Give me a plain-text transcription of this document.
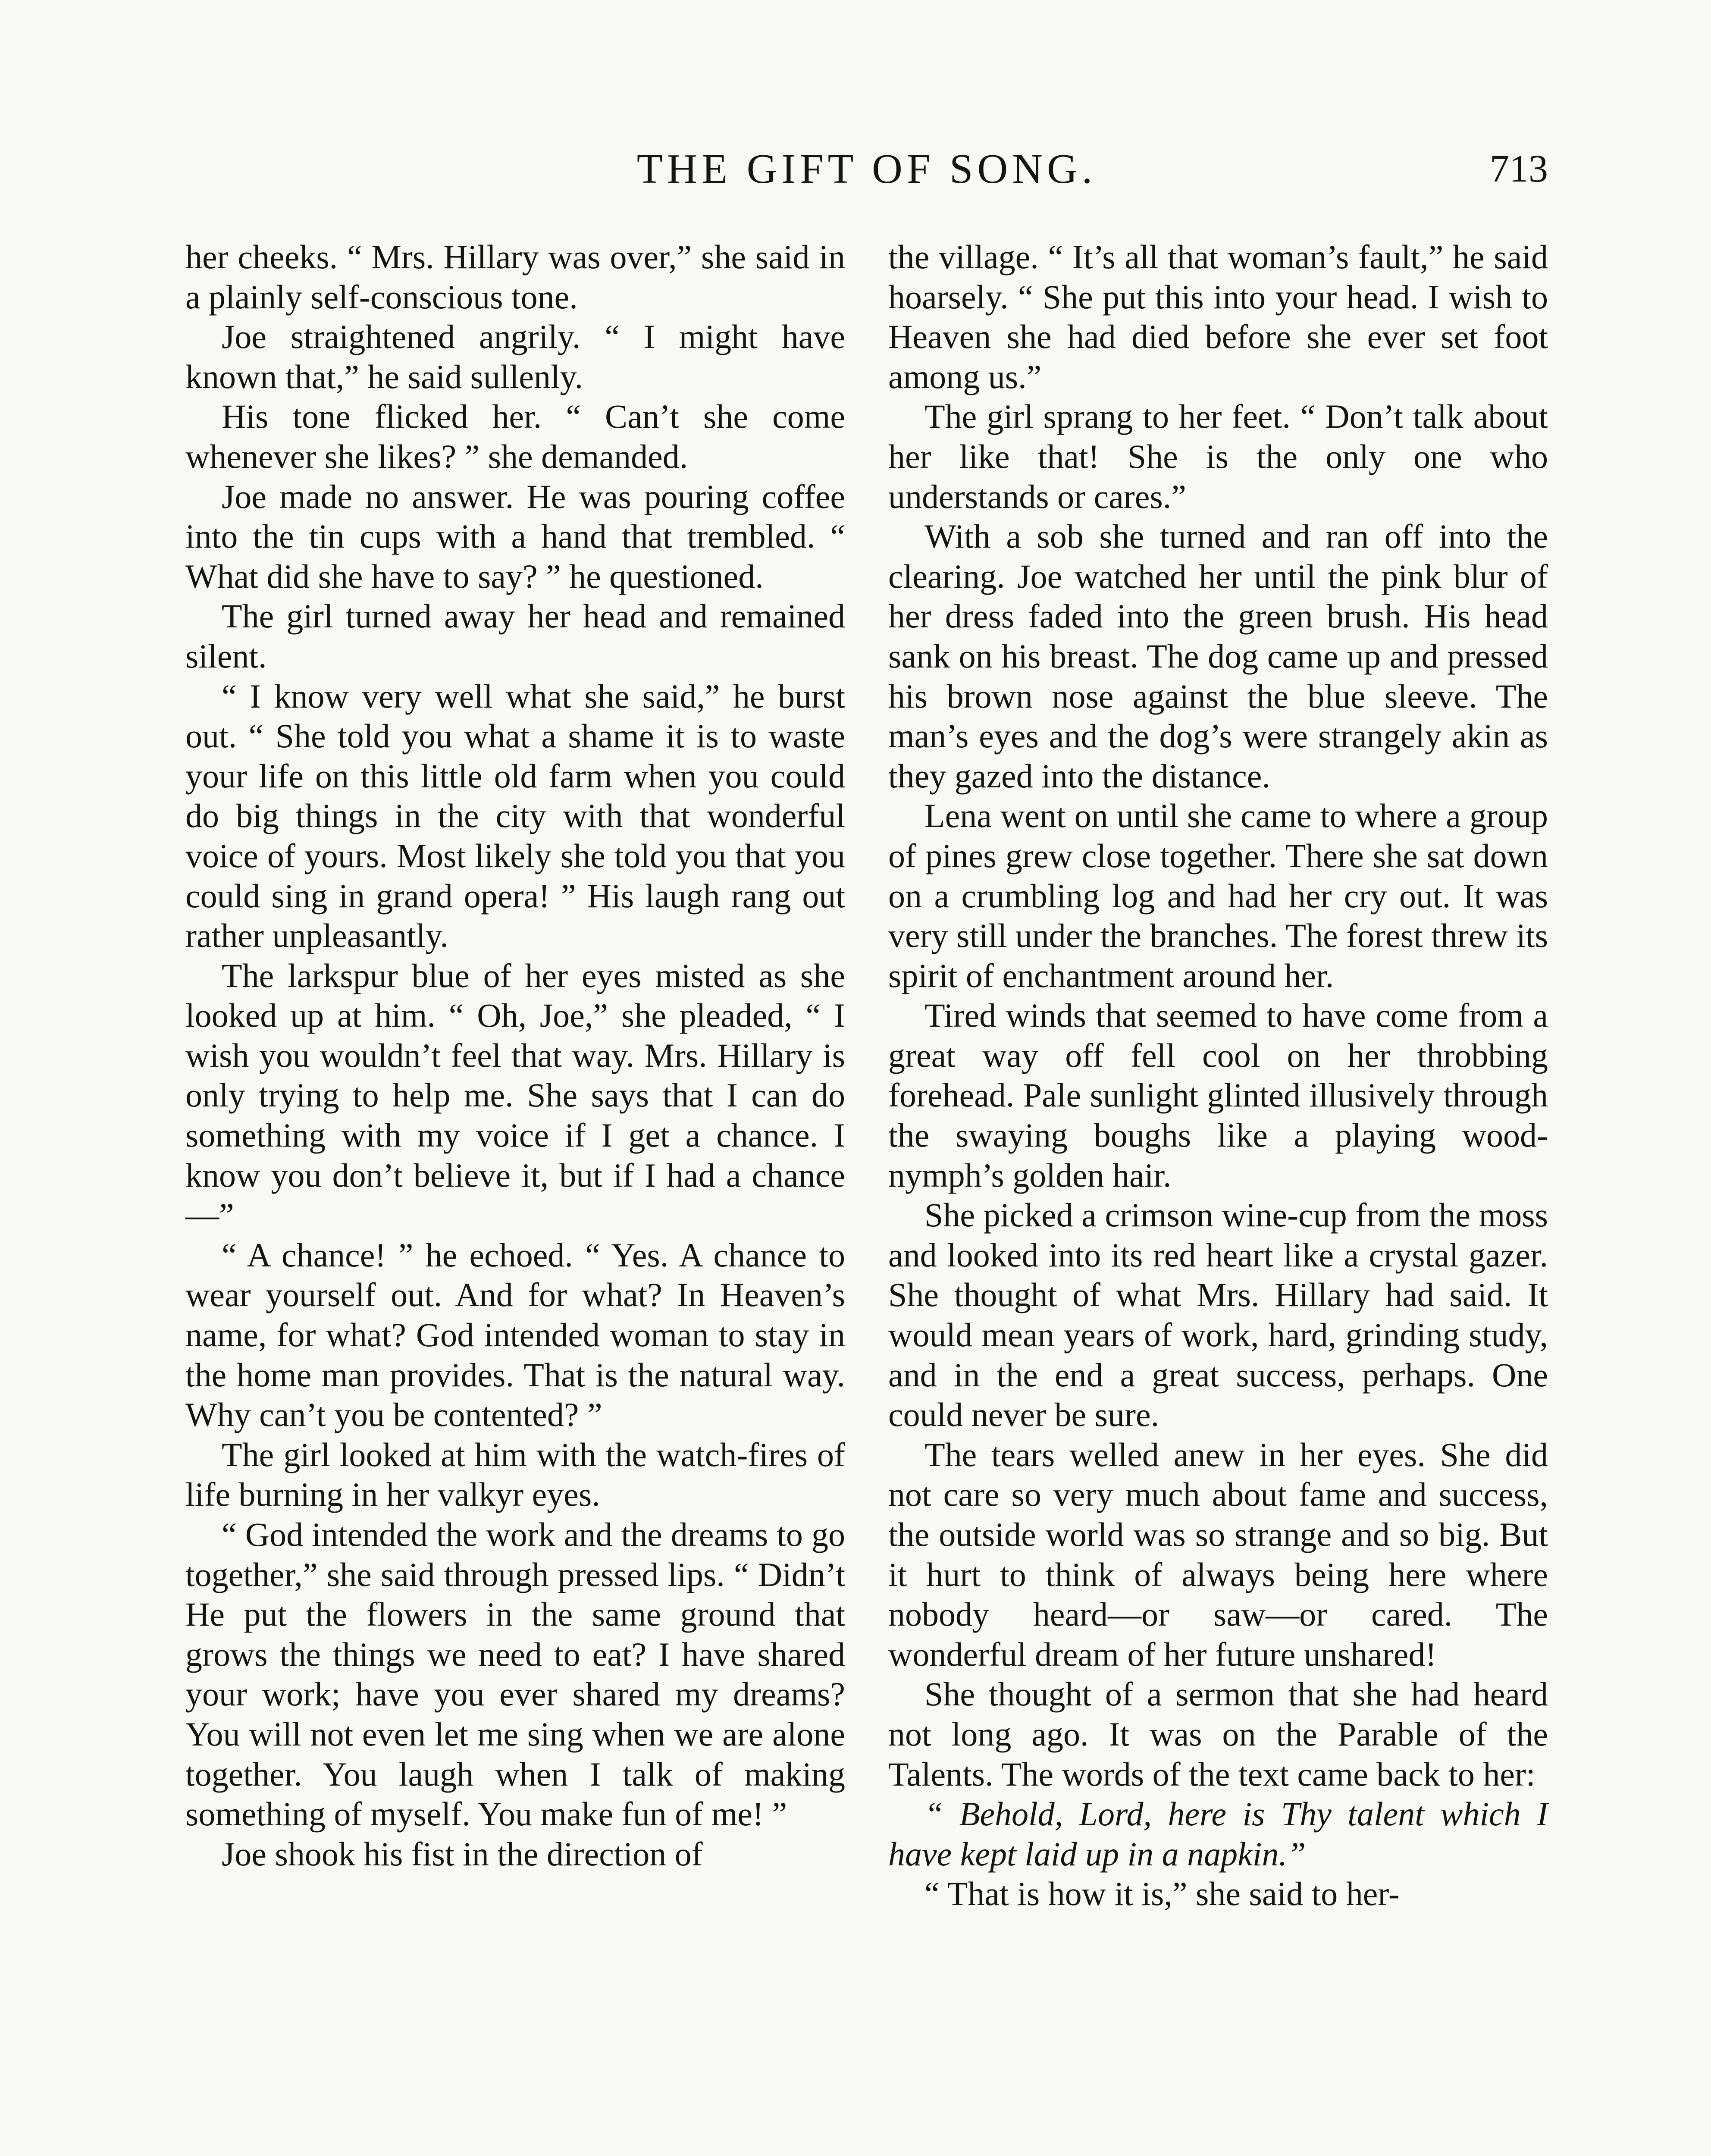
THE GIFT OF SONG.	713

her cheeks. “ Mrs. Hillary was over,” she said in a plainly self-conscious tone.

Joe straightened angrily. “ I might have known that,” he said sullenly.

His tone flicked her. “ Can’t she come whenever she likes? ” she demanded.

Joe made no answer. He was pouring coffee into the tin cups with a hand that trembled. “ What did she have to say? ” he questioned.

The girl turned away her head and remained silent.

“ I know very well what she said,” he burst out. “ She told you what a shame it is to waste your life on this little old farm when you could do big things in the city with that wonderful voice of yours. Most likely she told you that you could sing in grand opera! ” His laugh rang out rather unpleasantly.

The larkspur blue of her eyes misted as she looked up at him. “ Oh, Joe,” she pleaded, “ I wish you wouldn’t feel that way. Mrs. Hillary is only trying to help me. She says that I can do something with my voice if I get a chance. I know you don’t believe it, but if I had a chance—”

“ A chance! ” he echoed. “ Yes. A chance to wear yourself out. And for what? In Heaven’s name, for what? God intended woman to stay in the home man provides. That is the natural way. Why can’t you be contented? ”

The girl looked at him with the watch-fires of life burning in her valkyr eyes.

“ God intended the work and the dreams to go together,” she said through pressed lips. “ Didn’t He put the flowers in the same ground that grows the things we need to eat? I have shared your work; have you ever shared my dreams? You will not even let me sing when we are alone together. You laugh when I talk of making something of myself. You make fun of me! ”

Joe shook his fist in the direction of

the village. “ It’s all that woman’s fault,” he said hoarsely. “ She put this into your head. I wish to Heaven she had died before she ever set foot among us.”

The girl sprang to her feet. “ Don’t talk about her like that! She is the only one who understands or cares.”

With a sob she turned and ran off into the clearing. Joe watched her until the pink blur of her dress faded into the green brush. His head sank on his breast. The dog came up and pressed his brown nose against the blue sleeve. The man’s eyes and the dog’s were strangely akin as they gazed into the distance.

Lena went on until she came to where a group of pines grew close together. There she sat down on a crumbling log and had her cry out. It was very still under the branches. The forest threw its spirit of enchantment around her.

Tired winds that seemed to have come from a great way off fell cool on her throbbing forehead. Pale sunlight glinted illusively through the swaying boughs like a playing wood-nymph’s golden hair.

She picked a crimson wine-cup from the moss and looked into its red heart like a crystal gazer. She thought of what Mrs. Hillary had said. It would mean years of work, hard, grinding study, and in the end a great success, perhaps. One could never be sure.

The tears welled anew in her eyes. She did not care so very much about fame and success, the outside world was so strange and so big. But it hurt to think of always being here where nobody heard—or saw—or cared. The wonderful dream of her future unshared!

She thought of a sermon that she had heard not long ago. It was on the Parable of the Talents. The words of the text came back to her:

“ Behold, Lord, here is Thy talent which I have kept laid up in a napkin.”

“ That is how it is,” she said to her-
